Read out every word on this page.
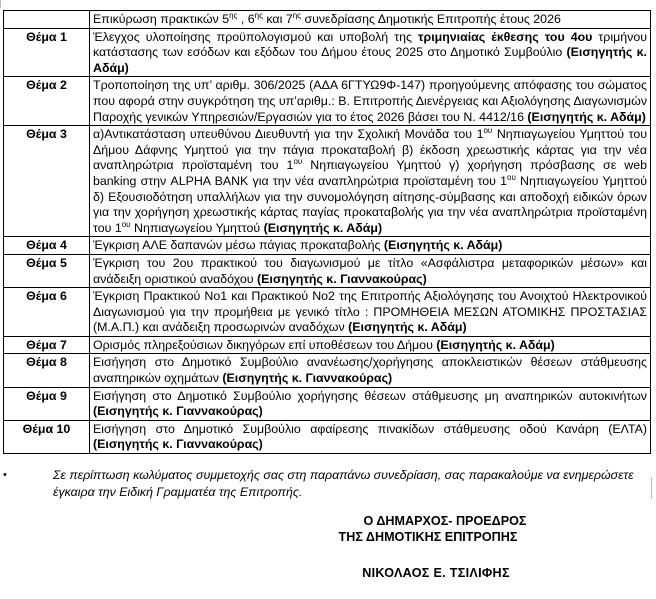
	Επικύρωση πρακτικών $5^{\eta\varsigma}$ , $6^{\eta\varsigma}$ και $7^{\eta\varsigma}$ συνεδρίασης Δημοτικής Επιτροπής έτους 2026
Θέμα 1	Έλεγχος υλοποίησης προϋπολογισμού και υποβολή της τριμηνιαίας έκθεσης του 4ου τριμήνου κατάστασης των εσόδων και εξόδων του Δήμου έτους 2025 στο Δημοτικό Συμβούλιο (Εισηγητής κ. Αδάμ)
Θέμα 2	Τροποποίηση της υπ’ αριθμ. 306/2025 (ΑΔΑ 6ΓΤΥΩ9Φ-147) προηγούμενης απόφασης του σώματος που αφορά στην συγκρότηση της υπ’αριθμ.: Β. Επιτροπής Διενέργειας και Αξιολόγησης Διαγωνισμών Παροχής γενικών Υπηρεσιών/Εργασιών για το έτος 2026 βάσει του Ν. 4412/16 (Εισηγητής κ. Αδάμ)
Θέμα 3	α)Αντικατάσταση υπευθύνου Διευθυντή για την Σχολική Μονάδα του $1^{o\upsilon}$ Νηπιαγωγείου Υμηττού του Δήμου Δάφνης Υμηττού για την πάγια προκαταβολή β) έκδοση χρεωστικής κάρτας για την νέα αναπληρώτρια προϊσταμένη του $1^{o\upsilon}$ Νηπιαγωγείου Υμηττού γ) χορήγηση πρόσβασης σε web banking στην ALPHA BANK για την νέα αναπληρώτρια προϊσταμένη του $1^{o\upsilon}$ Νηπιαγωγείου Υμηττού δ) Εξουσιοδότηση υπαλλήλων για την συνομολόγηση αίτησης-σύμβασης και αποδοχή ειδικών όρων για την χορήγηση χρεωστικής κάρτας παγίας προκαταβολής για την νέα αναπληρώτρια προϊσταμένη του $1^{o\upsilon}$ Νηπιαγωγείου Υμηττού (Εισηγητής κ. Αδάμ)
Θέμα 4	Έγκριση ΑΛΕ δαπανών μέσω πάγιας προκαταβολής (Εισηγητής κ. Αδάμ)
Θέμα 5	Έγκριση του 2ου πρακτικού του διαγωνισμού με τίτλο «Ασφάλιστρα μεταφορικών μέσων» και ανάδειξη οριστικού αναδόχου (Εισηγητής κ. Γιαννακούρας)
Θέμα 6	Έγκριση Πρακτικού Νο1 και Πρακτικού Νο2 της Επιτροπής Αξιολόγησης του Ανοιχτού Ηλεκτρονικού Διαγωνισμού για την προμήθεια με γενικό τίτλο : ΠΡΟΜΗΘΕΙΑ ΜΕΣΩΝ ΑΤΟΜΙΚΗΣ ΠΡΟΣΤΑΣΙΑΣ (Μ.Α.Π.) και ανάδειξη προσωρινών αναδόχων (Εισηγητής κ. Αδάμ)
Θέμα 7	Ορισμός πληρεξούσιων δικηγόρων επί υποθέσεων του Δήμου (Εισηγητής κ. Αδάμ)
Θέμα 8	Εισήγηση στο Δημοτικό Συμβούλιο ανανέωσης/χορήγησης αποκλειστικών θέσεων στάθμευσης αναπηρικών οχημάτων (Εισηγητής κ. Γιαννακούρας)
Θέμα 9	Εισήγηση στο Δημοτικό Συμβούλιο χορήγησης θέσεων στάθμευσης μη αναπηρικών αυτοκινήτων (Εισηγητής κ. Γιαννακούρας)
Θέμα 10	Εισήγηση στο Δημοτικό Συμβούλιο αφαίρεσης πινακίδων στάθμευσης οδού Κανάρη (ΕΛΤΑ) (Εισηγητής κ. Γιαννακούρας)
•	Σε περίπτωση κωλύματος συμμετοχής σας στη παραπάνω συνεδρίαση, σας παρακαλούμε να ενημερώσετε έγκαιρα την Ειδική Γραμματέα της Επιτροπής.
Ο ΔΗΜΑΡΧΟΣ- ΠΡΟΕΔΡΟΣ
ΤΗΣ ΔΗΜΟΤΙΚΗΣ ΕΠΙΤΡΟΠΗΣ
ΝΙΚΟΛΑΟΣ Ε. ΤΣΙΛΙΦΗΣ
